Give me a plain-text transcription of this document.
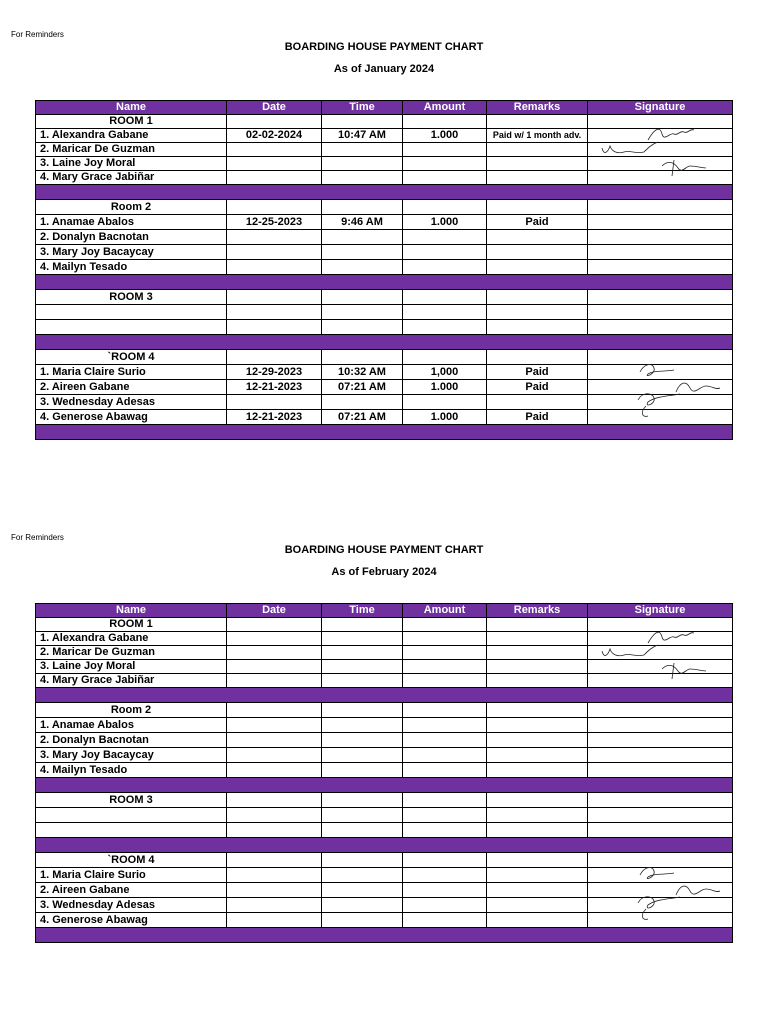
For Reminders
BOARDING HOUSE PAYMENT CHART
As of January 2024
Name	Date	Time	Amount	Remarks	Signature
ROOM 1					
1. Alexandra Gabane	02-02-2024	10:47 AM	1.000	Paid w/ 1 month adv.	
2. Maricar De Guzman					
3. Laine Joy Moral					
4. Mary Grace Jabiñar					

Room 2					
1. Anamae Abalos	12-25-2023	9:46 AM	1.000	Paid	
2. Donalyn Bacnotan					
3. Mary Joy Bacaycay					
4. Mailyn Tesado					

ROOM 3					

`ROOM 4					
1. Maria Claire Surio	12-29-2023	10:32 AM	1,000	Paid	
2. Aireen Gabane	12-21-2023	07:21 AM	1.000	Paid	
3. Wednesday Adesas					
4. Generose Abawag	12-21-2023	07:21 AM	1.000	Paid	

For Reminders
BOARDING HOUSE PAYMENT CHART
As of February 2024
Name	Date	Time	Amount	Remarks	Signature
ROOM 1					
1. Alexandra Gabane					
2. Maricar De Guzman					
3. Laine Joy Moral					
4. Mary Grace Jabiñar					

Room 2					
1. Anamae Abalos					
2. Donalyn Bacnotan					
3. Mary Joy Bacaycay					
4. Mailyn Tesado					

ROOM 3					

`ROOM 4					
1. Maria Claire Surio					
2. Aireen Gabane					
3. Wednesday Adesas					
4. Generose Abawag					
